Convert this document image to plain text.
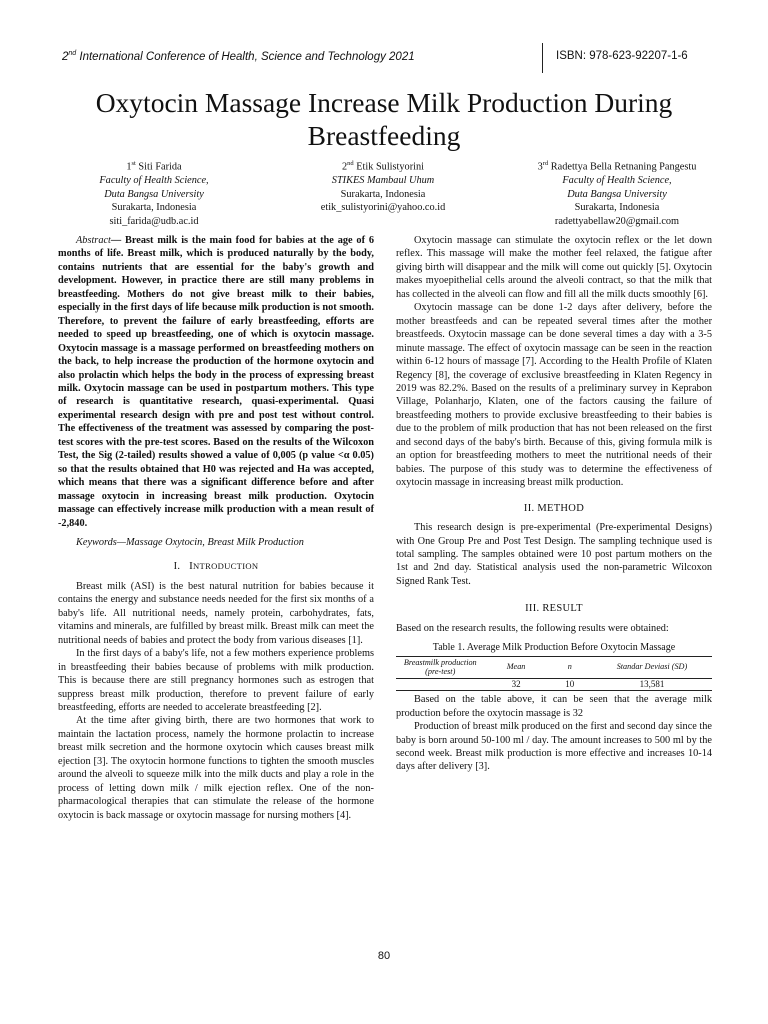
2nd International Conference of Health, Science and Technology 2021	ISBN: 978-623-92207-1-6
Oxytocin Massage Increase Milk Production During Breastfeeding
1st Siti Farida
Faculty of Health Science,
Duta Bangsa University
Surakarta, Indonesia
siti_farida@udb.ac.id
2nd Etik Sulistyorini
STIKES Mambaul Uhum
Surakarta, Indonesia
etik_sulistyorini@yahoo.co.id
3rd Radettya Bella Retnaning Pangestu
Faculty of Health Science,
Duta Bangsa University
Surakarta, Indonesia
radettyabellaw20@gmail.com

Abstract— Breast milk is the main food for babies at the age of 6 months of life. Breast milk, which is produced naturally by the body, contains nutrients that are essential for the baby's growth and development. However, in practice there are still many problems in breastfeeding. Mothers do not give breast milk to their babies, especially in the first days of life because milk production is not smooth. Therefore, to prevent the failure of early breastfeeding, efforts are needed to speed up breastfeeding, one of which is oxytocin massage. Oxytocin massage is a massage performed on breastfeeding mothers on the back, to help increase the production of the hormone oxytocin and also prolactin which helps the body in the process of expressing breast milk. Oxytocin massage can be used in postpartum mothers. This type of research is quantitative research, quasi-experimental. Quasi experimental research design with pre and post test without control. The effectiveness of the treatment was assessed by comparing the post-test scores with the pre-test scores. Based on the results of the Wilcoxon Test, the Sig (2-tailed) results showed a value of 0,005 (p value <α 0.05) so that the results obtained that H0 was rejected and Ha was accepted, which means that there was a significant difference before and after massage oxytocin in increasing breast milk production. Oxytocin massage can effectively increase milk production with a mean result of -2,840.

Keywords—Massage Oxytocin, Breast Milk Production

I. INTRODUCTION

Breast milk (ASI) is the best natural nutrition for babies because it contains the energy and substance needs needed for the first six months of a baby's life. All nutritional needs, namely protein, carbohydrates, fats, vitamins and minerals, are fulfilled by breast milk. Breast milk can meet the nutritional needs of babies and protect the body from various diseases [1].

In the first days of a baby's life, not a few mothers experience problems in breastfeeding their babies because of problems with milk production. This is because there are still pregnancy hormones such as estrogen that suppress breast milk production, therefore to prevent failure of early breastfeeding, efforts are needed to accelerate breastfeeding [2].

At the time after giving birth, there are two hormones that work to maintain the lactation process, namely the hormone prolactin to increase breast milk secretion and the hormone oxytocin which causes breast milk ejection [3]. The oxytocin hormone functions to tighten the smooth muscles around the alveoli to squeeze milk into the milk ducts and play a role in the process of letting down milk / milk ejection reflex. One of the non-pharmacological therapies that can stimulate the release of the hormone oxytocin is back massage or oxytocin massage for nursing mothers [4].

Oxytocin massage can stimulate the oxytocin reflex or the let down reflex. This massage will make the mother feel relaxed, the fatigue after giving birth will disappear and the milk will come out quickly [5]. Oxytocin makes myoepithelial cells around the alveoli contract, so that the milk that has collected in the alveoli can flow and fill all the milk ducts smoothly [6].

Oxytocin massage can be done 1-2 days after delivery, before the mother breastfeeds and can be repeated several times after the mother breastfeeds. Oxytocin massage can be done several times a day with a 3-5 minute massage. The effect of oxytocin massage can be seen in the reaction within 6-12 hours of massage [7]. According to the Health Profile of Klaten Regency [8], the coverage of exclusive breastfeeding in Klaten Regency in 2019 was 82.2%. Based on the results of a preliminary survey in Keprabon Village, Polanharjo, Klaten, one of the factors causing the failure of breastfeeding mothers to provide exclusive breastfeeding to their babies is due to the problem of milk production that has not been released on the first and second days of the baby's birth. Because of this, giving formula milk is an option for breastfeeding mothers to meet the nutritional needs of their babies. The purpose of this study was to determine the effectiveness of oxytocin massage in increasing breast milk production.

II. METHOD

This research design is pre-experimental (Pre-experimental Designs) with One Group Pre and Post Test Design. The sampling technique used is total sampling. The samples obtained were 10 post partum mothers on the 1st and 2nd day. Statistical analysis used the non-parametric Wilcoxon Signed Rank Test.

III. RESULT

Based on the research results, the following results were obtained:

Table 1. Average Milk Production Before Oxytocin Massage
Breastmilk production (pre-test)	Mean	n	Standar Deviasi (SD)
	32	10	13,581

Based on the table above, it can be seen that the average milk production before the oxytocin massage is 32

Production of breast milk produced on the first and second day since the baby is born around 50-100 ml / day. The amount increases to 500 ml by the second week. Breast milk production is more effective and increases 10-14 days after delivery [3].

80
